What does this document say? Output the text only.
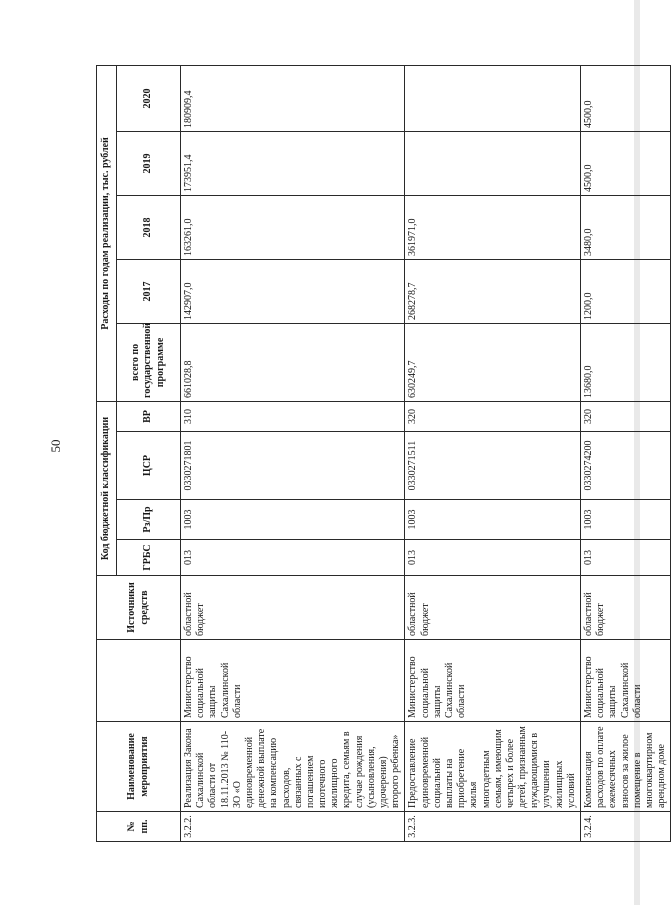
50
№ пп.	Наименование мероприятия		Источники средств	Код бюджетной классификации				Расходы по годам реализации, тыс. рублей				
				ГРБС	Рз/Пр	ЦСР	ВР	всего по государственной программе	2017	2018	2019	2020
3.2.2.	Реализация Закона Сахалинской области от 18.11.2013 № 110-ЗО «О единовременной денежной выплате на компенсацию расходов, связанных с погашением ипотечного жилищного кредита, семьям в случае рождения (усыновления, удочерения) второго ребенка»	Министерство социальной защиты Сахалинской области	областной бюджет	013	1003	0330271801	310	661028,8	142907,0	163261,0	173951,4	180909,4
3.2.3.	Предоставление единовременной социальной выплаты на приобретение жилья многодетным семьям, имеющим четырех и более детей, признанным нуждающимися в улучшении жилищных условий	Министерство социальной защиты Сахалинской области	областной бюджет	013	1003	0330271511	320	630249,7	268278,7	361971,0		
3.2.4.	Компенсация расходов по оплате ежемесячных взносов за жилое помещение в многоквартирном арендном доме	Министерство социальной защиты Сахалинской области	областной бюджет	013	1003	0330274200	320	13680,0	1200,0	3480,0	4500,0	4500,0
